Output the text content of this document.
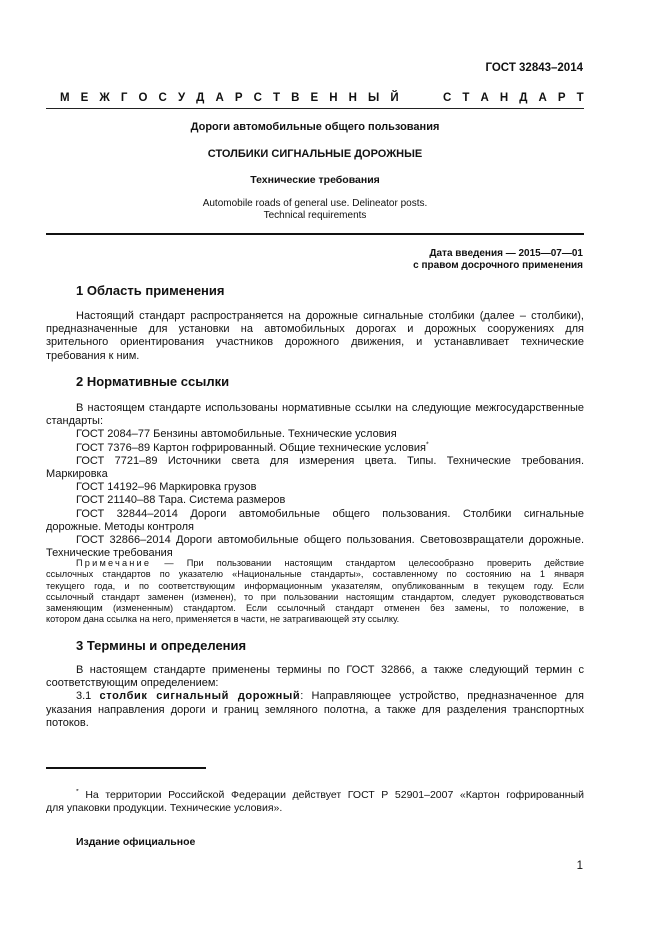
ГОСТ 32843–2014
М Е Ж Г О С У Д А Р С Т В Е Н Н Ы Й	С Т А Н Д А Р Т
Дороги автомобильные общего пользования
СТОЛБИКИ СИГНАЛЬНЫЕ ДОРОЖНЫЕ
Технические требования
Automobile roads of general use. Delineator posts.
Technical requirements
Дата введения — 2015—07—01
с правом досрочного применения
1 Область применения

Настоящий стандарт распространяется на дорожные сигнальные столбики (далее – столбики),

предназначенные для установки на автомобильных дорогах и дорожных сооружениях для

зрительного ориентирования участников дорожного движения, и устанавливает технические

требования к ним.

2 Нормативные ссылки

В настоящем стандарте использованы нормативные ссылки на следующие межгосударственные

стандарты:

ГОСТ 2084–77 Бензины автомобильные. Технические условия

ГОСТ 7376–89 Картон гофрированный. Общие технические условия*

ГОСТ 7721–89 Источники света для измерения цвета. Типы. Технические требования.

Маркировка

ГОСТ 14192–96 Маркировка грузов

ГОСТ 21140–88 Тара. Система размеров

ГОСТ 32844–2014 Дороги автомобильные общего пользования. Столбики сигнальные

дорожные. Методы контроля

ГОСТ 32866–2014 Дороги автомобильные общего пользования. Световозвращатели дорожные.

Технические требования

Примечание — При пользовании настоящим стандартом целесообразно проверить действие

ссылочных стандартов по указателю «Национальные стандарты», составленному по состоянию на 1 января

текущего года, и по соответствующим информационным указателям, опубликованным в текущем году. Если

ссылочный стандарт заменен (изменен), то при пользовании настоящим стандартом, следует руководствоваться

заменяющим (измененным) стандартом. Если ссылочный стандарт отменен без замены, то положение, в

котором дана ссылка на него, применяется в части, не затрагивающей эту ссылку.

3 Термины и определения

В настоящем стандарте применены термины по ГОСТ 32866, а также следующий термин с

соответствующим определением:

3.1 столбик сигнальный дорожный: Направляющее устройство, предназначенное для

указания направления дороги и границ земляного полотна, а также для разделения транспортных

потоков.

* На территории Российской Федерации действует ГОСТ Р 52901–2007 «Картон гофрированный

для упаковки продукции. Технические условия».

Издание официальное
1
